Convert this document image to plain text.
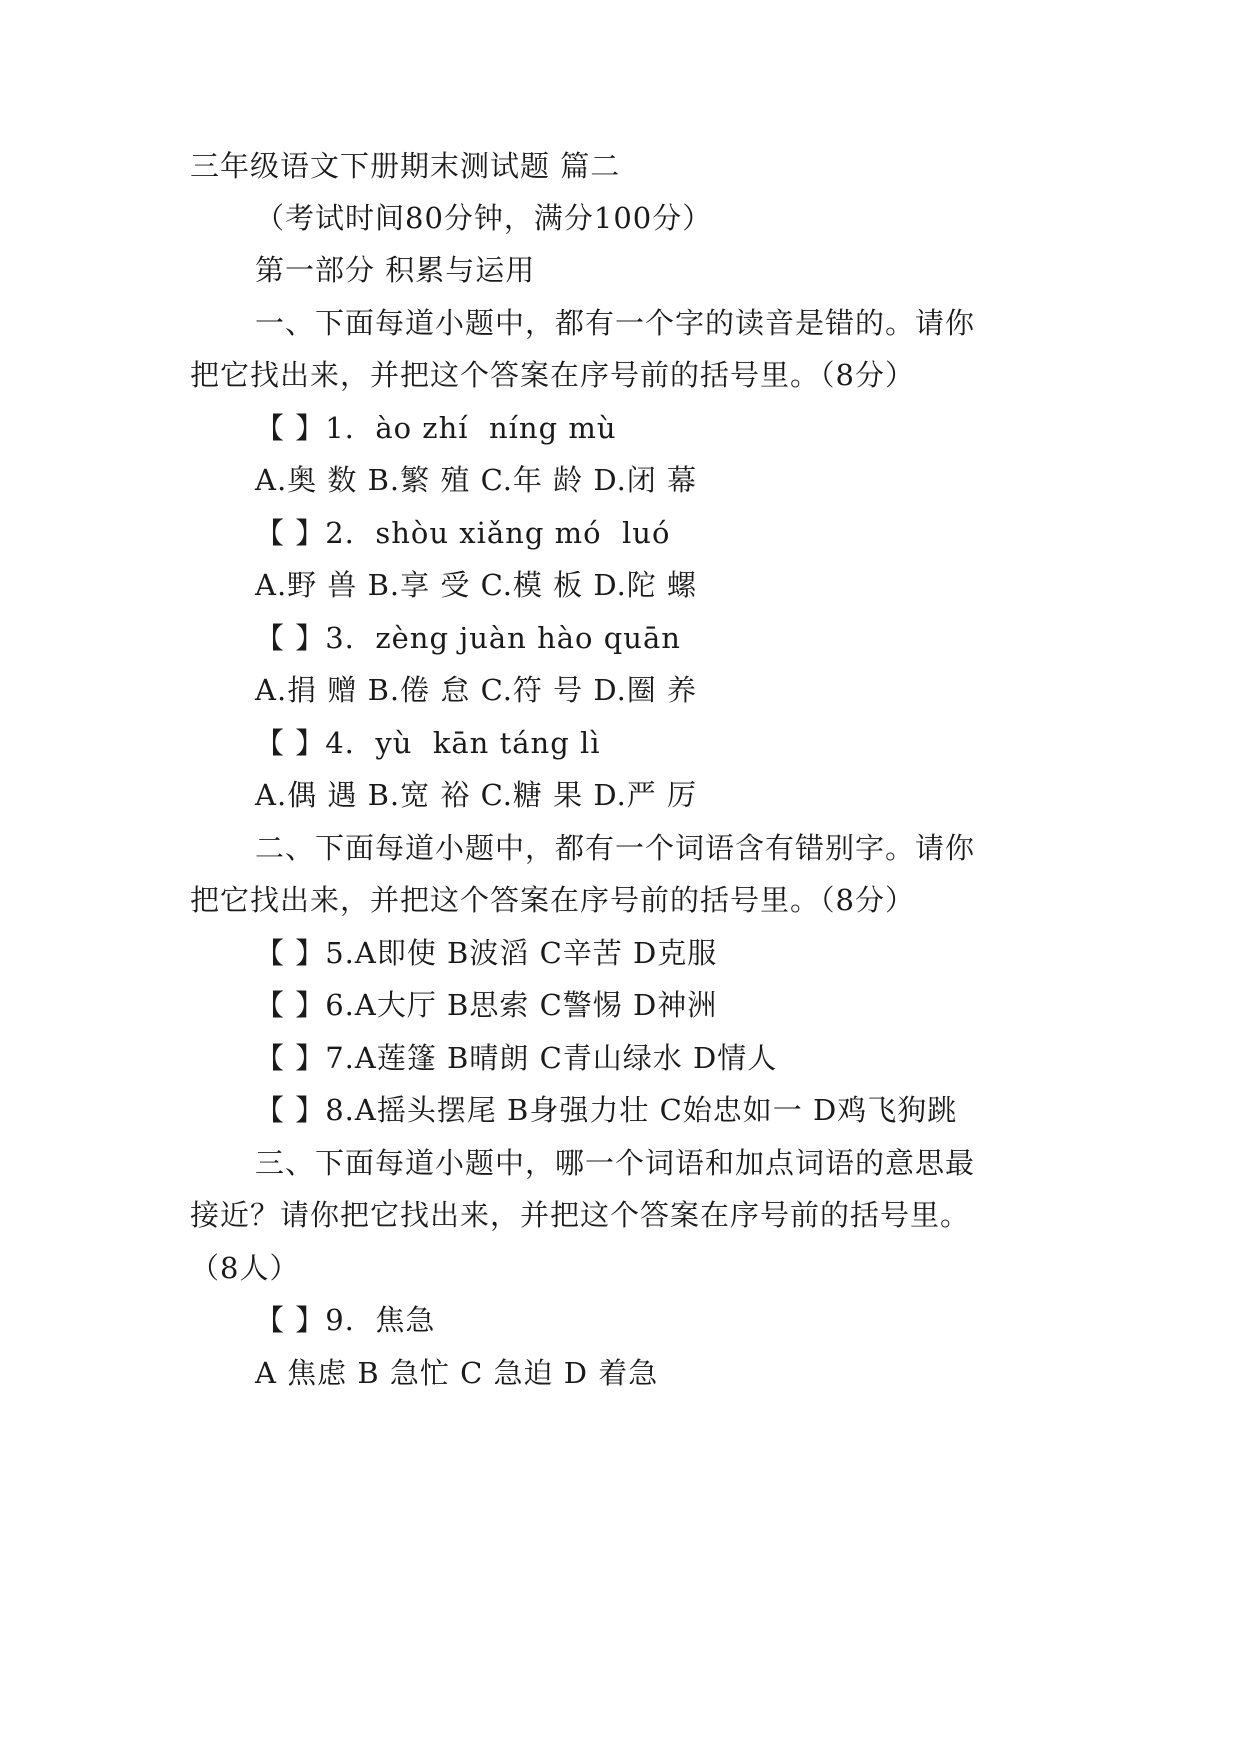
三年级语文下册期末测试题 篇二
（考试时间80分钟，满分100分）
第一部分 积累与运用
一、下面每道小题中，都有一个字的读音是错的。请你
把它找出来，并把这个答案在序号前的括号里。（8分）
【 】1.  ào zhí  níng mù
A.奥 数 B.繁 殖 C.年 龄 D.闭 幕
【 】2.  shòu xiǎng mó  luó
A.野 兽 B.享 受 C.模 板 D.陀 螺
【 】3.  zèng juàn hào quān
A.捐 赠 B.倦 怠 C.符 号 D.圈 养
【 】4.  yù  kān táng lì
A.偶 遇 B.宽 裕 C.糖 果 D.严 厉
二、下面每道小题中，都有一个词语含有错别字。请你
把它找出来，并把这个答案在序号前的括号里。（8分）
【 】5.A即使 B波滔 C辛苦 D克服
【 】6.A大厅 B思索 C警惕 D神洲
【 】7.A莲篷 B晴朗 C青山绿水 D情人
【 】8.A摇头摆尾 B身强力壮 C始忠如一 D鸡飞狗跳
三、下面每道小题中，哪一个词语和加点词语的意思最
接近？请你把它找出来，并把这个答案在序号前的括号里。
（8人）
【 】9.  焦急
A 焦虑 B 急忙 C 急迫 D 着急
